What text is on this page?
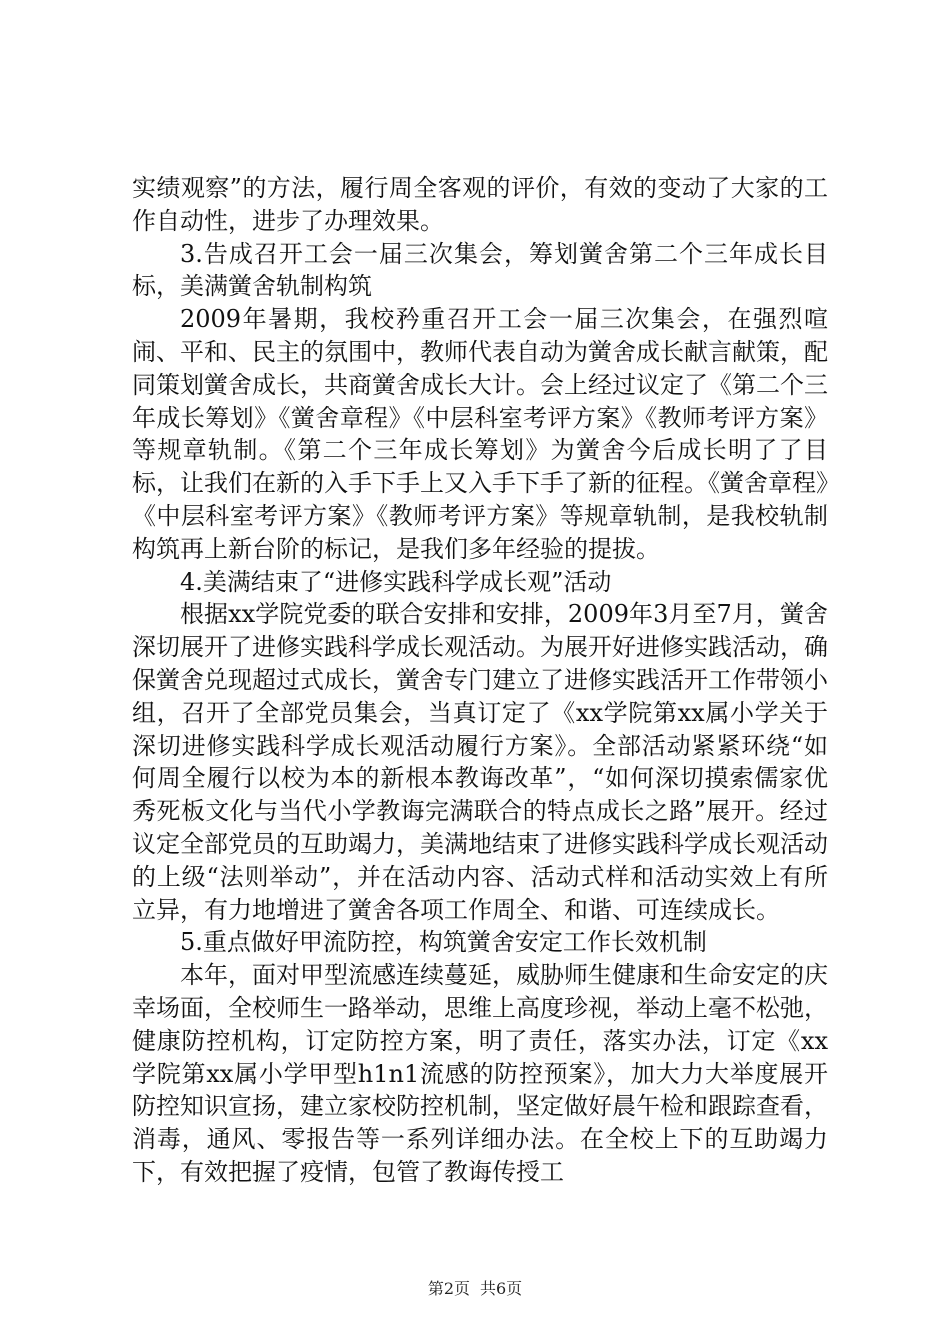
实绩观察”的方法，履行周全客观的评价，有效的变动了大家的工作自动性，进步了办理效果。

3.告成召开工会一届三次集会，筹划黉舍第二个三年成长目标，美满黉舍轨制构筑

2009年暑期，我校矜重召开工会一届三次集会，在强烈喧闹、平和、民主的氛围中，教师代表自动为黉舍成长献言献策，配同策划黉舍成长，共商黉舍成长大计。会上经过议定了《第二个三年成长筹划》《黉舍章程》《中层科室考评方案》《教师考评方案》等规章轨制。《第二个三年成长筹划》为黉舍今后成长明了了目标，让我们在新的入手下手上又入手下手了新的征程。《黉舍章程》《中层科室考评方案》《教师考评方案》等规章轨制，是我校轨制构筑再上新台阶的标记，是我们多年经验的提拔。

4.美满结束了“进修实践科学成长观”活动

根据xx学院党委的联合安排和安排，2009年3月至7月，黉舍深切展开了进修实践科学成长观活动。为展开好进修实践活动，确保黉舍兑现超过式成长，黉舍专门建立了进修实践活开工作带领小组，召开了全部党员集会，当真订定了《xx学院第xx属小学关于深切进修实践科学成长观活动履行方案》。全部活动紧紧环绕“如何周全履行以校为本的新根本教诲改革”，“如何深切摸索儒家优秀死板文化与当代小学教诲完满联合的特点成长之路”展开。经过议定全部党员的互助竭力，美满地结束了进修实践科学成长观活动的上级“法则举动”，并在活动内容、活动式样和活动实效上有所立异，有力地增进了黉舍各项工作周全、和谐、可连续成长。

5.重点做好甲流防控，构筑黉舍安定工作长效机制

本年，面对甲型流感连续蔓延，威胁师生健康和生命安定的庆幸场面，全校师生一路举动，思维上高度珍视，举动上毫不松弛，健康防控机构，订定防控方案，明了责任，落实办法，订定《xx学院第xx属小学甲型h1n1流感的防控预案》，加大力大举度展开防控知识宣扬，建立家校防控机制，坚定做好晨午检和跟踪查看，消毒，通风、零报告等一系列详细办法。在全校上下的互助竭力下，有效把握了疫情，包管了教诲传授工

第2页 共6页
